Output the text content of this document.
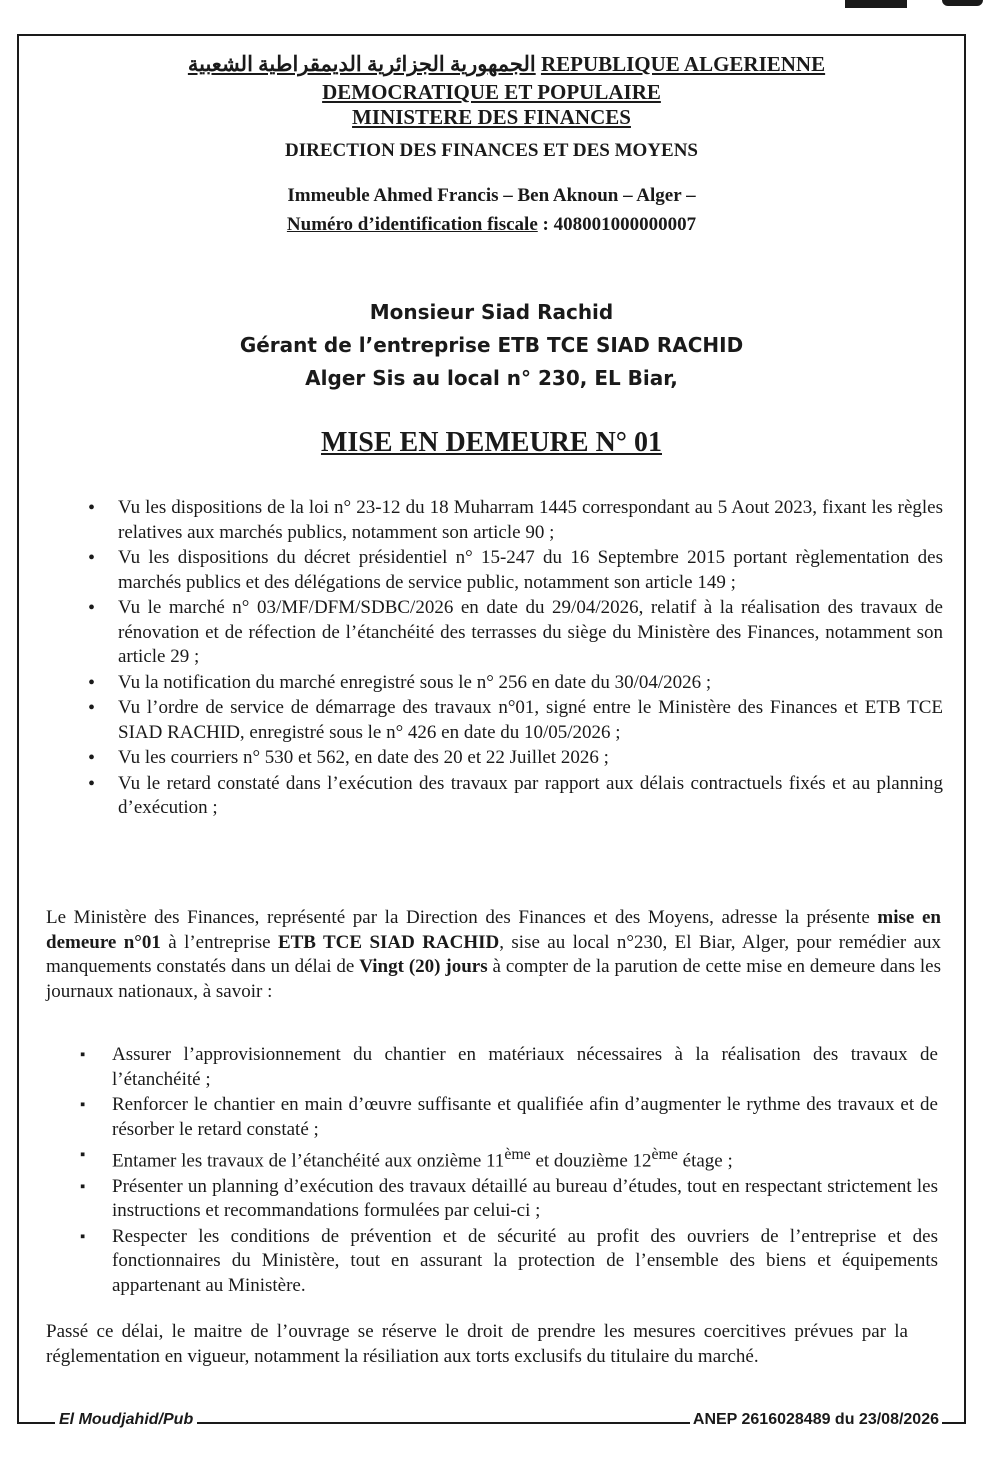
الجمهورية الجزائرية الديمقراطية الشعبية REPUBLIQUE ALGERIENNE
DEMOCRATIQUE ET POPULAIRE
MINISTERE DES FINANCES
DIRECTION DES FINANCES ET DES MOYENS
Immeuble Ahmed Francis – Ben Aknoun – Alger –
Numéro d’identification fiscale : 408001000000007
Monsieur Siad Rachid
Gérant de l’entreprise ETB TCE SIAD RACHID
Alger Sis au local n° 230, EL Biar,
MISE EN DEMEURE N° 01
• Vu les dispositions de la loi n° 23-12 du 18 Muharram 1445 correspondant au 5 Aout 2023, fixant les règles relatives aux marchés publics, notamment son article 90 ;
• Vu les dispositions du décret présidentiel n° 15-247 du 16 Septembre 2015 portant règlementation des marchés publics et des délégations de service public, notamment son article 149 ;
• Vu le marché n° 03/MF/DFM/SDBC/2026 en date du 29/04/2026, relatif à la réalisation des travaux de rénovation et de réfection de l’étanchéité des terrasses du siège du Ministère des Finances, notamment son article 29 ;
• Vu la notification du marché enregistré sous le n° 256 en date du 30/04/2026 ;
• Vu l’ordre de service de démarrage des travaux n°01, signé entre le Ministère des Finances et ETB TCE SIAD RACHID, enregistré sous le n° 426 en date du 10/05/2026 ;
• Vu les courriers n° 530 et 562, en date des 20 et 22 Juillet 2026 ;
• Vu le retard constaté dans l’exécution des travaux par rapport aux délais contractuels fixés et au planning d’exécution ;
Le Ministère des Finances, représenté par la Direction des Finances et des Moyens, adresse la présente mise en demeure n°01 à l’entreprise ETB TCE SIAD RACHID, sise au local n°230, El Biar, Alger, pour remédier aux manquements constatés dans un délai de Vingt (20) jours à compter de la parution de cette mise en demeure dans les journaux nationaux, à savoir :
▪ Assurer l’approvisionnement du chantier en matériaux nécessaires à la réalisation des travaux de l’étanchéité ;
▪ Renforcer le chantier en main d’œuvre suffisante et qualifiée afin d’augmenter le rythme des travaux et de résorber le retard constaté ;
▪ Entamer les travaux de l’étanchéité aux onzième 11ème et douzième 12ème étage ;
▪ Présenter un planning d’exécution des travaux détaillé au bureau d’études, tout en respectant strictement les instructions et recommandations formulées par celui-ci ;
▪ Respecter les conditions de prévention et de sécurité au profit des ouvriers de l’entreprise et des fonctionnaires du Ministère, tout en assurant la protection de l’ensemble des biens et équipements appartenant au Ministère.
Passé ce délai, le maitre de l’ouvrage se réserve le droit de prendre les mesures coercitives prévues par la réglementation en vigueur, notamment la résiliation aux torts exclusifs du titulaire du marché.
El Moudjahid/Pub	ANEP 2616028489 du 23/08/2026
